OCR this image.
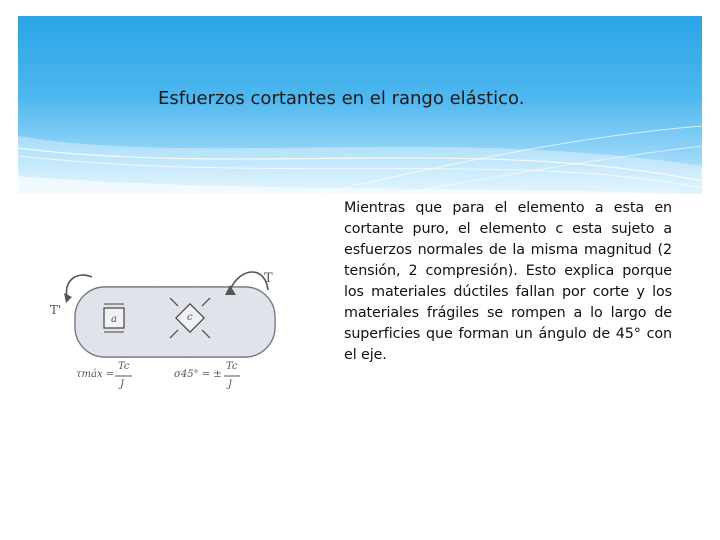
Esfuerzos cortantes en el rango elástico.
T
T'
a	c
τmáx =
Tc
J
σ45° = ±
Tc
J
Mientras que para el elemento a esta en cortante puro, el elemento c esta sujeto a esfuerzos normales de la misma magnitud (2 tensión, 2 compresión). Esto explica porque los materiales dúctiles fallan por corte y los materiales frágiles se rompen a lo largo de superficies que forman un ángulo de 45° con el eje.
